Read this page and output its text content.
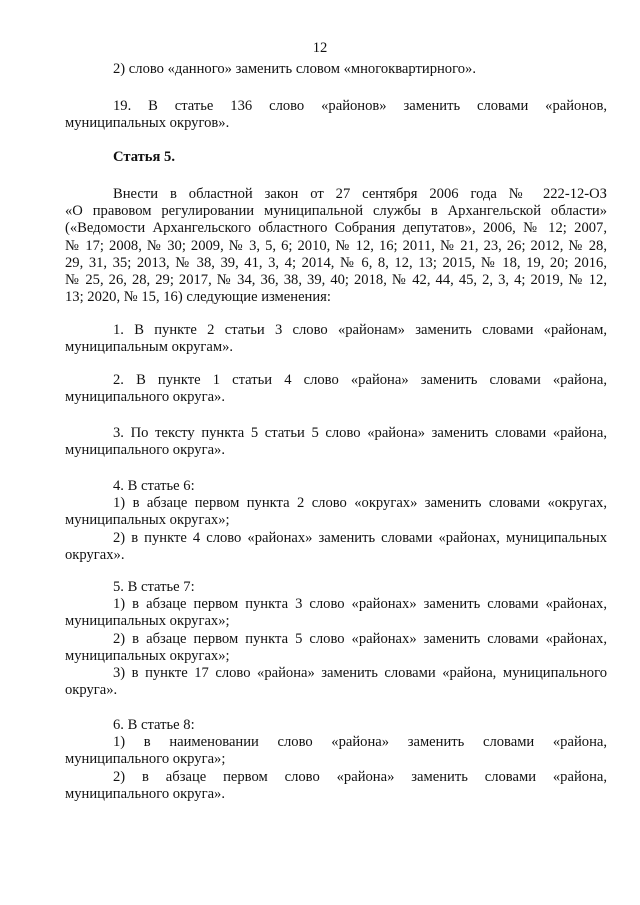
12
2) слово «данного» заменить словом «многоквартирного».
19. В статье 136 слово «районов» заменить словами «районов,
муниципальных округов».
Статья 5.
Внести в областной закон от 27 сентября 2006 года № 222-12-ОЗ
«О правовом регулировании муниципальной службы в Архангельской области»
(«Ведомости Архангельского областного Собрания депутатов», 2006, № 12; 2007,
№ 17; 2008, № 30; 2009, № 3, 5, 6; 2010, № 12, 16; 2011, № 21, 23, 26; 2012, № 28,
29, 31, 35; 2013, № 38, 39, 41, 3, 4; 2014, № 6, 8, 12, 13; 2015, № 18, 19, 20; 2016,
№ 25, 26, 28, 29; 2017, № 34, 36, 38, 39, 40; 2018, № 42, 44, 45, 2, 3, 4; 2019, № 12,
13; 2020, № 15, 16) следующие изменения:
1. В пункте 2 статьи 3 слово «районам» заменить словами «районам,
муниципальным округам».
2. В пункте 1 статьи 4 слово «района» заменить словами «района,
муниципального округа».
3. По тексту пункта 5 статьи 5 слово «района» заменить словами «района,
муниципального округа».
4. В статье 6:
1) в абзаце первом пункта 2 слово «округах» заменить словами «округах,
муниципальных округах»;
2) в пункте 4 слово «районах» заменить словами «районах, муниципальных
округах».
5. В статье 7:
1) в абзаце первом пункта 3 слово «районах» заменить словами «районах,
муниципальных округах»;
2) в абзаце первом пункта 5 слово «районах» заменить словами «районах,
муниципальных округах»;
3) в пункте 17 слово «района» заменить словами «района, муниципального
округа».
6. В статье 8:
1) в наименовании слово «района» заменить словами «района,
муниципального округа»;
2) в абзаце первом слово «района» заменить словами «района,
муниципального округа».
